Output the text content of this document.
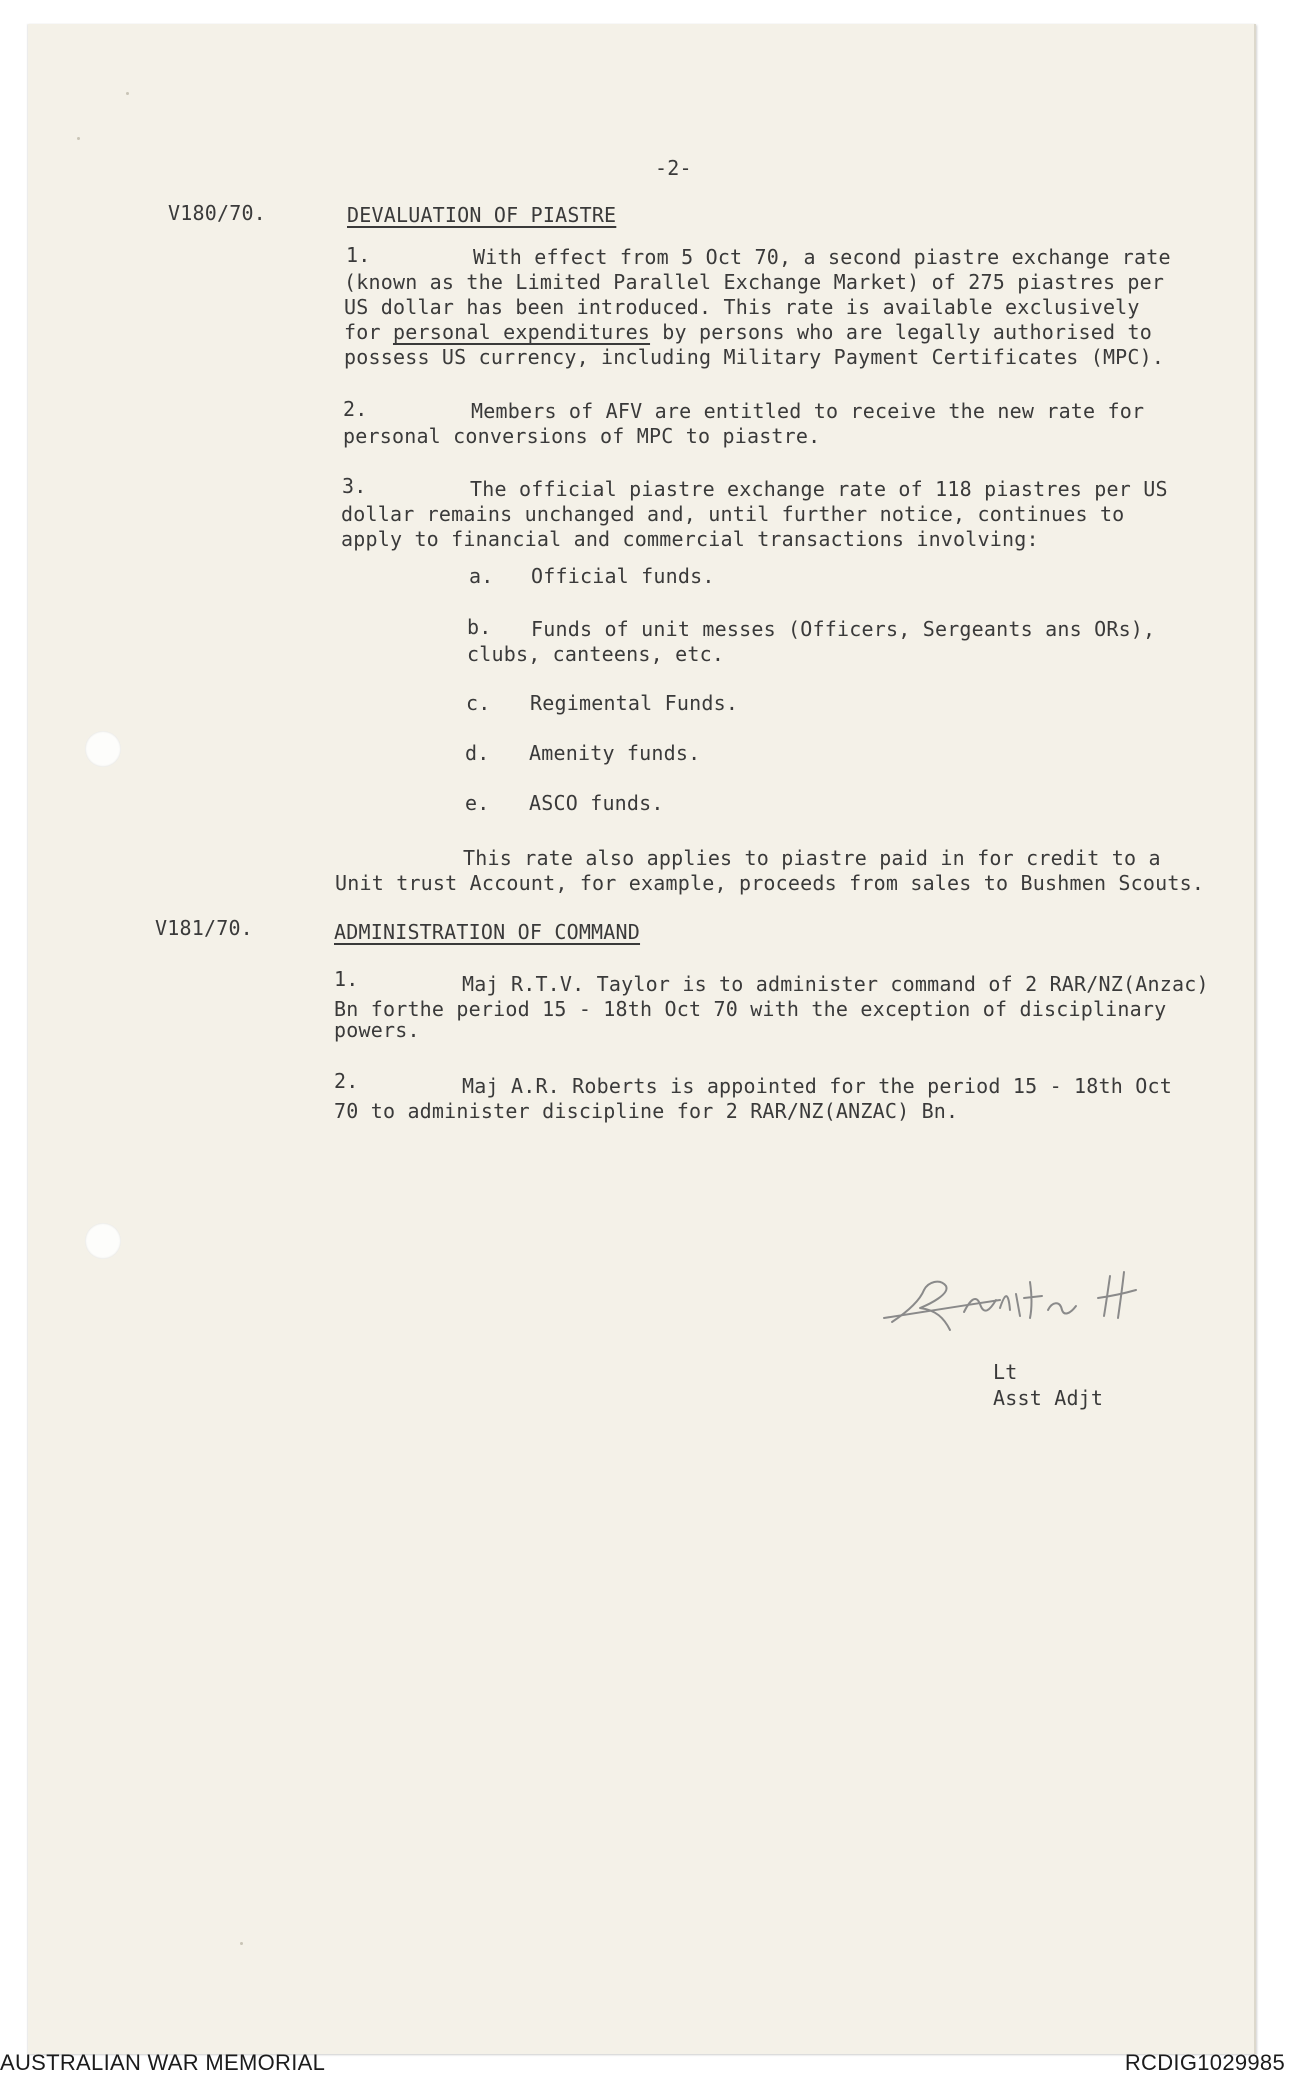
-2-
V180/70.	DEVALUATION OF PIASTRE
1.	With effect from 5 Oct 70, a second piastre exchange rate
(known as the Limited Parallel Exchange Market) of 275 piastres per
US dollar has been introduced. This rate is available exclusively
for personal expenditures by persons who are legally authorised to
possess US currency, including Military Payment Certificates (MPC).
2.	Members of AFV are entitled to receive the new rate for
personal conversions of MPC to piastre.
3.	The official piastre exchange rate of 118 piastres per US
dollar remains unchanged and, until further notice, continues to
apply to financial and commercial transactions involving:
a. Official funds.
b. Funds of unit messes (Officers, Sergeants ans ORs),
clubs, canteens, etc.
c. Regimental Funds.
d. Amenity funds.
e. ASCO funds.
This rate also applies to piastre paid in for credit to a
Unit trust Account, for example, proceeds from sales to Bushmen Scouts.
V181/70.	ADMINISTRATION OF COMMAND
1.	Maj R.T.V. Taylor is to administer command of 2 RAR/NZ(Anzac)
Bn forthe period 15 - 18th Oct 70 with the exception of disciplinary
powers.
2.	Maj A.R. Roberts is appointed for the period 15 - 18th Oct
70 to administer discipline for 2 RAR/NZ(ANZAC) Bn.
Lt
Asst Adjt
AUSTRALIAN WAR MEMORIAL	RCDIG1029985
